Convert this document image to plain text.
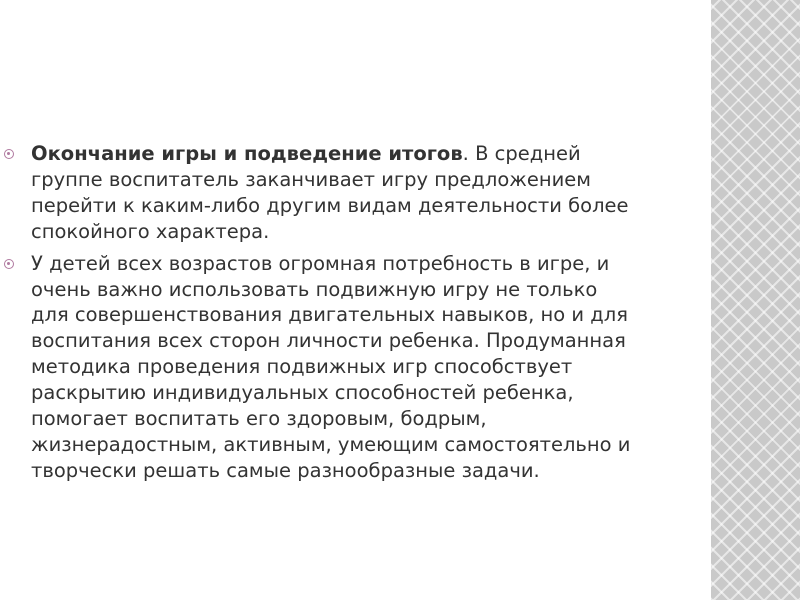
Окончание игры и подведение итогов. В средней группе воспитатель заканчивает игру предложением перейти к каким-либо другим видам деятельности более спокойного характера.
У детей всех возрастов огромная потребность в игре, и очень важно использовать подвижную игру не только для совершенствования двигательных навыков, но и для воспитания всех сторон личности ребенка. Продуманная методика проведения подвижных игр способствует раскрытию индивидуальных способностей ребенка, помогает воспитать его здоровым, бодрым, жизнерадостным, активным, умеющим самостоятельно и творчески решать самые разнообразные задачи.
